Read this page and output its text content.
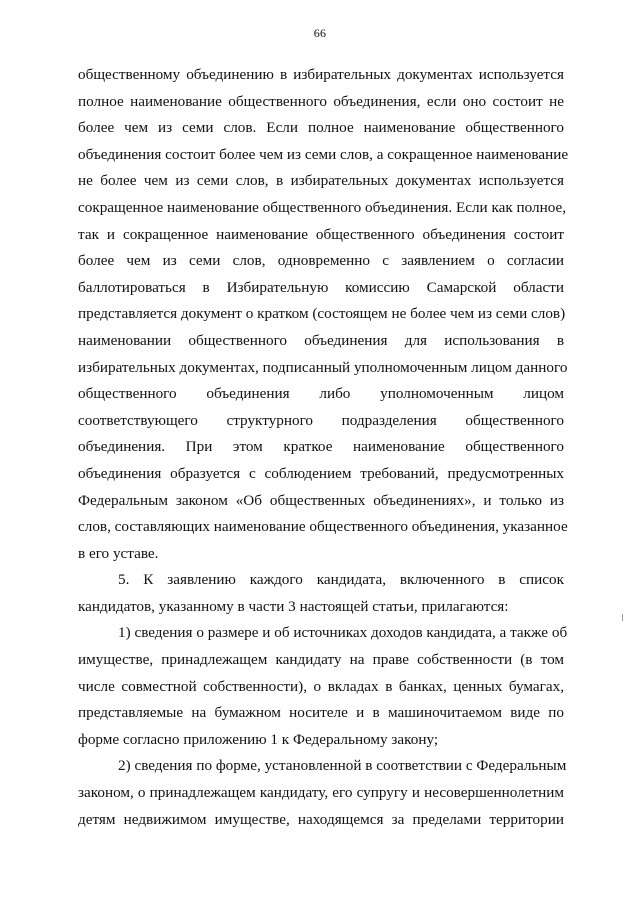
66
общественному объединению в избирательных документах используется
полное наименование общественного объединения, если оно состоит не
более чем из семи слов. Если полное наименование общественного
объединения состоит более чем из семи слов, а сокращенное наименование
не более чем из семи слов, в избирательных документах используется
сокращенное наименование общественного объединения. Если как полное,
так и сокращенное наименование общественного объединения состоит
более чем из семи слов, одновременно с заявлением о согласии
баллотироваться в Избирательную комиссию Самарской области
представляется документ о кратком (состоящем не более чем из семи слов)
наименовании общественного объединения для использования в
избирательных документах, подписанный уполномоченным лицом данного
общественного объединения либо уполномоченным лицом
соответствующего структурного подразделения общественного
объединения. При этом краткое наименование общественного
объединения образуется с соблюдением требований, предусмотренных
Федеральным законом «Об общественных объединениях», и только из
слов, составляющих наименование общественного объединения, указанное
в его уставе.
5. К заявлению каждого кандидата, включенного в список
кандидатов, указанному в части 3 настоящей статьи, прилагаются:
1) сведения о размере и об источниках доходов кандидата, а также об
имуществе, принадлежащем кандидату на праве собственности (в том
числе совместной собственности), о вкладах в банках, ценных бумагах,
представляемые на бумажном носителе и в машиночитаемом виде по
форме согласно приложению 1 к Федеральному закону;
2) сведения по форме, установленной в соответствии с Федеральным
законом, о принадлежащем кандидату, его супругу и несовершеннолетним
детям недвижимом имуществе, находящемся за пределами территории
